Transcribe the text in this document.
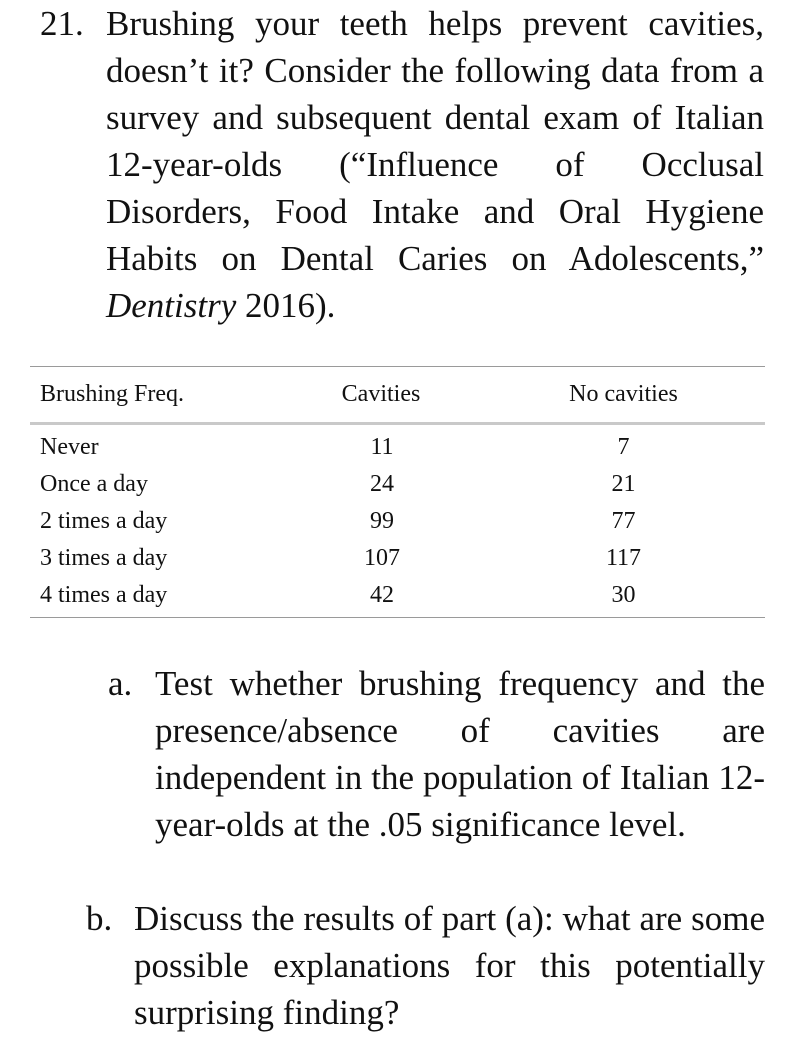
21. Brushing your teeth helps prevent cavities, doesn’t it? Consider the following data from a survey and subsequent dental exam of Italian 12-year-olds (“Influence of Occlusal Disorders, Food Intake and Oral Hygiene Habits on Dental Caries on Adolescents,” Dentistry 2016).
Brushing Freq.	Cavities	No cavities
Never	11	7
Once a day	24	21
2 times a day	99	77
3 times a day	107	117
4 times a day	42	30
a. Test whether brushing frequency and the presence/absence of cavities are independent in the population of Italian 12-year-olds at the .05 significance level.
b. Discuss the results of part (a): what are some possible explanations for this potentially surprising finding?
